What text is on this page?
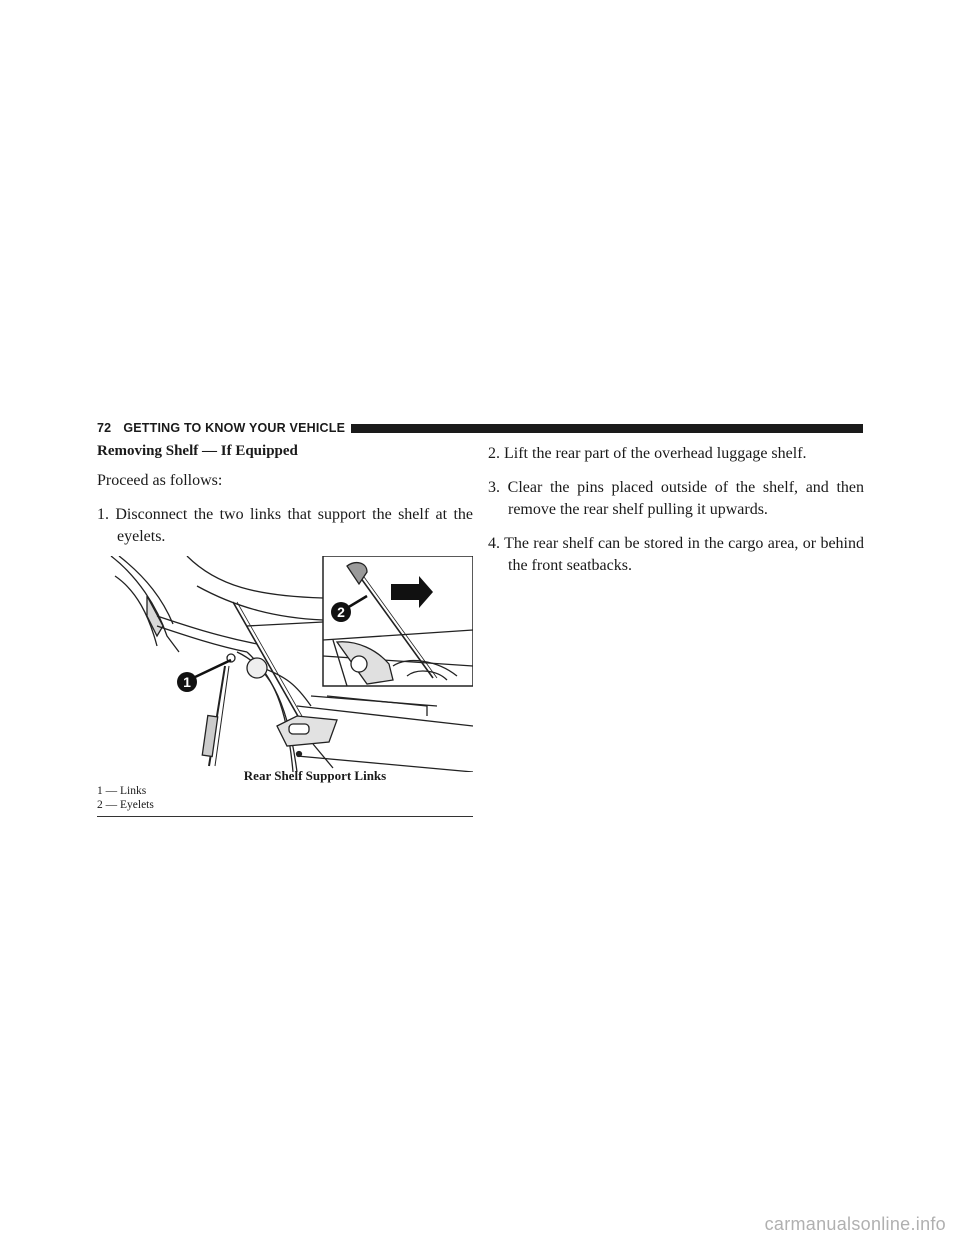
72 GETTING TO KNOW YOUR VEHICLE
Removing Shelf — If Equipped

Proceed as follows:

1. Disconnect the two links that support the shelf at the eyelets.

1
2
Rear Shelf Support Links
1 — Links
2 — Eyelets

2. Lift the rear part of the overhead luggage shelf.

3. Clear the pins placed outside of the shelf, and then remove the rear shelf pulling it upwards.

4. The rear shelf can be stored in the cargo area, or behind the front seatbacks.

carmanualsonline.info
